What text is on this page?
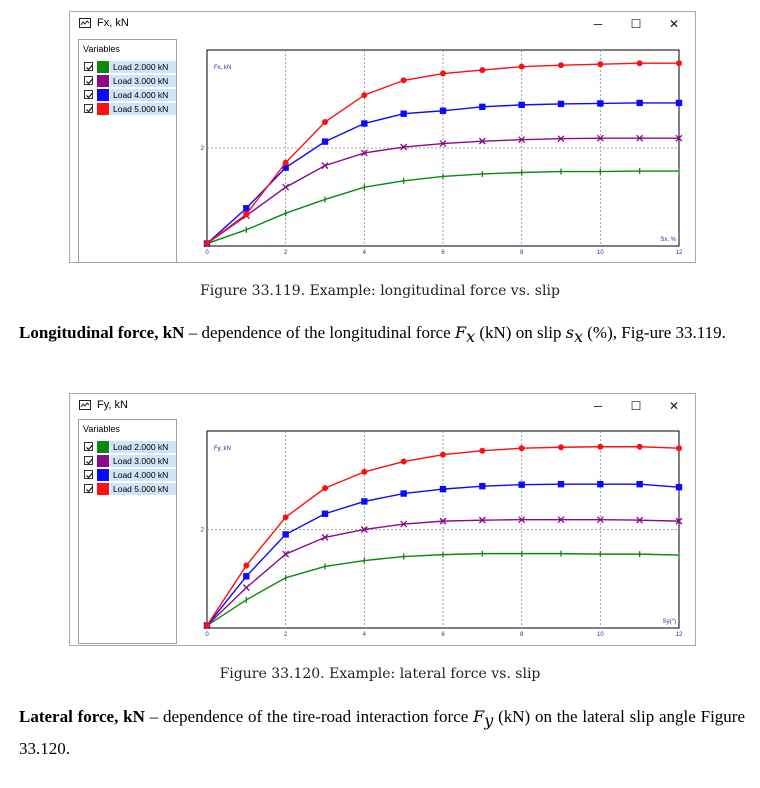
Fx, kN	─	☐	✕
Variables
Load 2.000 kN
Load 3.000 kN
Load 4.000 kN
Load 5.000 kN
0	2	4	6	8	10	12
2
Fx, kN
Sx, %
Figure 33.119. Example: longitudinal force vs. slip
Longitudinal force, kN – dependence of the longitudinal force $F_x$ (kN) on slip $s_x$ (%), Fig-ure 33.119.
Fy, kN	─	☐	✕
Variables
Load 2.000 kN
Load 3.000 kN
Load 4.000 kN
Load 5.000 kN
0	2	4	6	8	10	12
2
Fy, kN
Sy(°)
Figure 33.120. Example: lateral force vs. slip
Lateral force, kN – dependence of the tire-road interaction force $F_y$ (kN) on the lateral slip angle Figure 33.120.
